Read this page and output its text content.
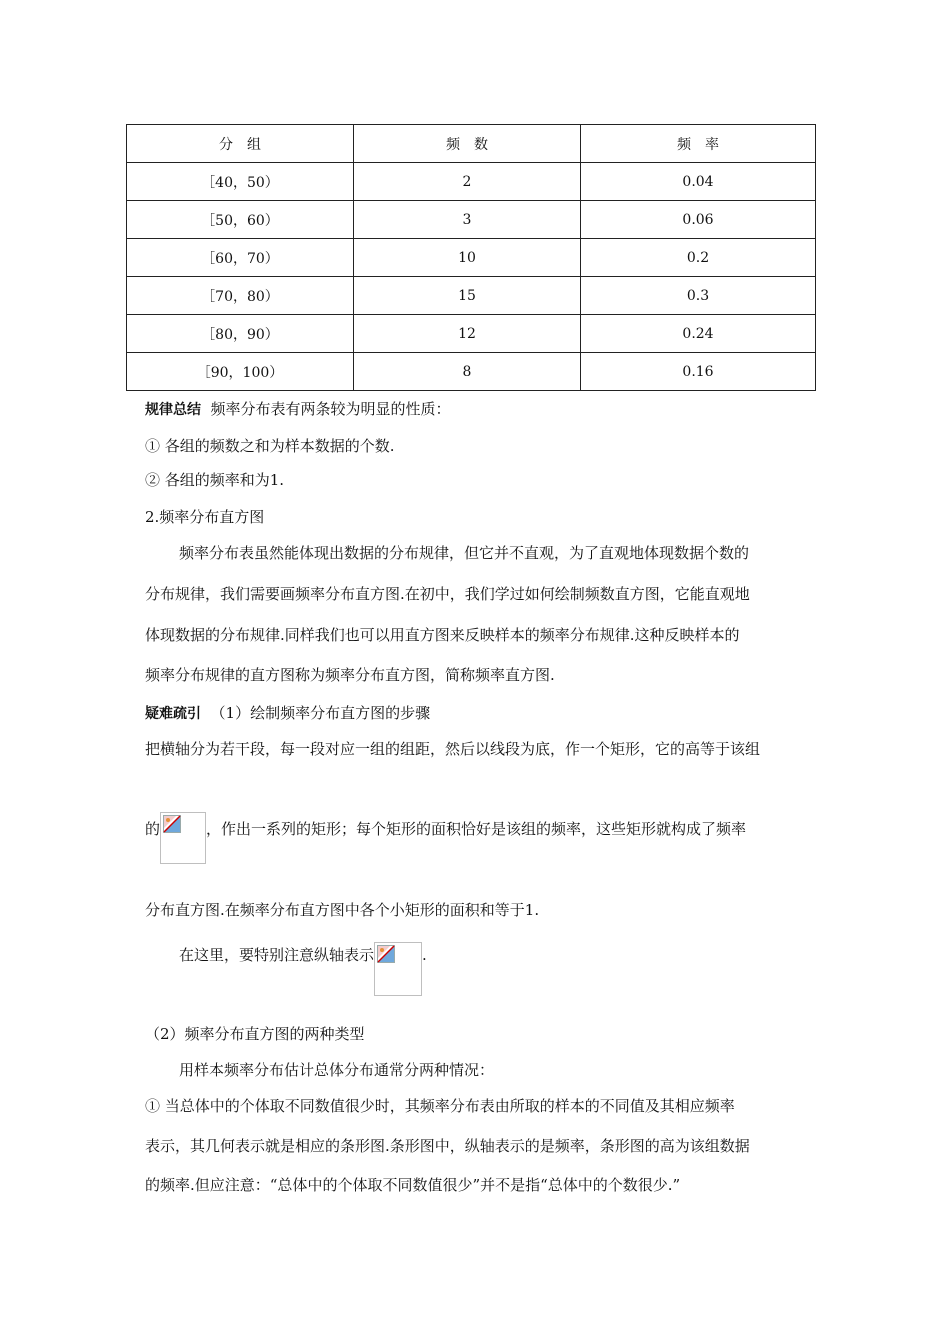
分　组	频　数	频　率
［40，50）	2	0.04
［50，60）	3	0.06
［60，70）	10	0.2
［70，80）	15	0.3
［80，90）	12	0.24
［90，100）	8	0.16
规律总结 频率分布表有两条较为明显的性质：
① 各组的频数之和为样本数据的个数.
② 各组的频率和为1.
2.频率分布直方图
频率分布表虽然能体现出数据的分布规律，但它并不直观，为了直观地体现数据个数的
分布规律，我们需要画频率分布直方图.在初中，我们学过如何绘制频数直方图，它能直观地
体现数据的分布规律.同样我们也可以用直方图来反映样本的频率分布规律.这种反映样本的
频率分布规律的直方图称为频率分布直方图，简称频率直方图.
疑难疏引 （1）绘制频率分布直方图的步骤
把横轴分为若干段，每一段对应一组的组距，然后以线段为底，作一个矩形，它的高等于该组
的	，作出一系列的矩形；每个矩形的面积恰好是该组的频率，这些矩形就构成了频率
分布直方图.在频率分布直方图中各个小矩形的面积和等于1.
在这里，要特别注意纵轴表示	.
（2）频率分布直方图的两种类型
用样本频率分布估计总体分布通常分两种情况：
① 当总体中的个体取不同数值很少时，其频率分布表由所取的样本的不同值及其相应频率
表示，其几何表示就是相应的条形图.条形图中，纵轴表示的是频率，条形图的高为该组数据
的频率.但应注意：“总体中的个体取不同数值很少”并不是指“总体中的个数很少.”
